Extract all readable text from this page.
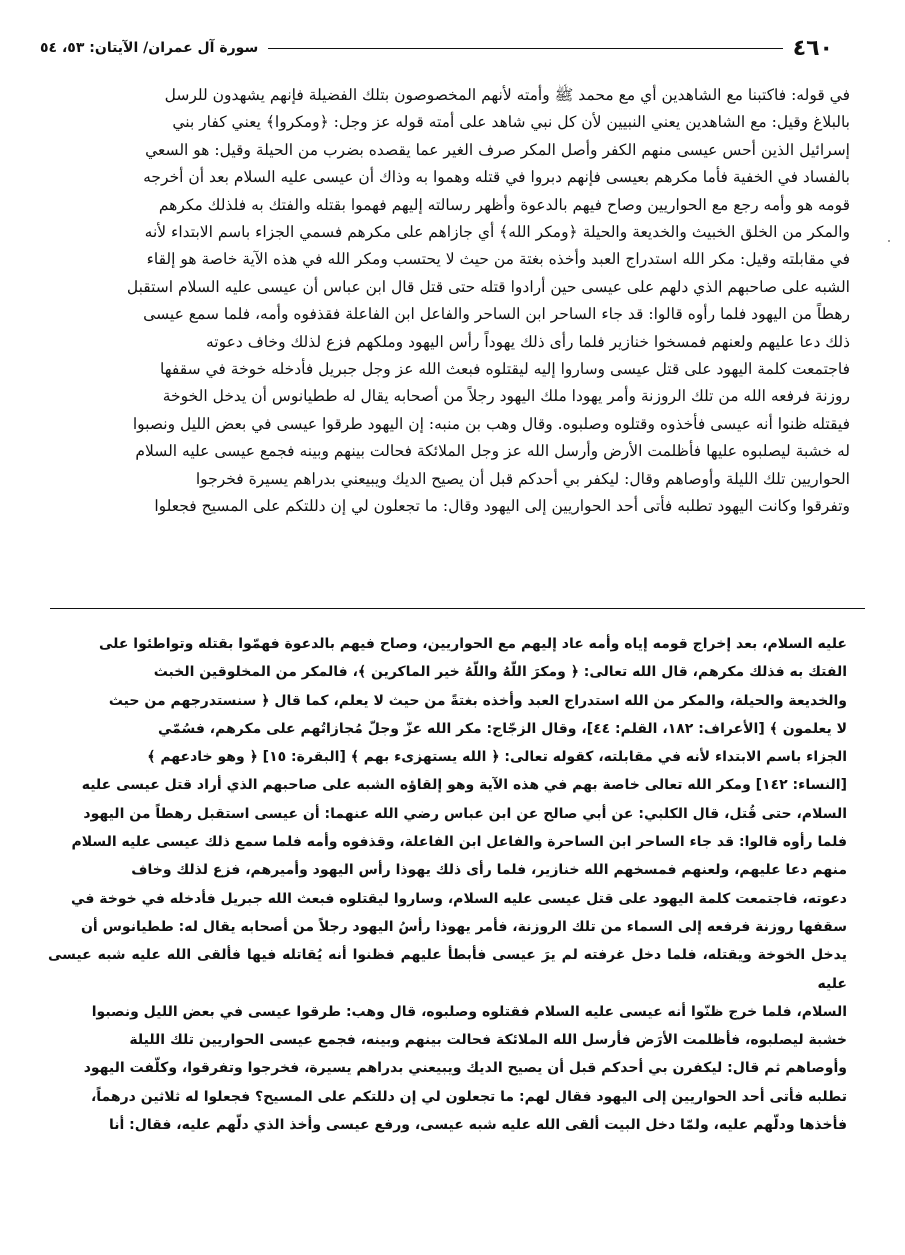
٤٦٠
سورة آل عمران/ الآيتان: ٥٣، ٥٤

في قوله: فاكتبنا مع الشاهدين أي مع محمد ﷺ وأمته لأنهم المخصوصون بتلك الفضيلة فإنهم يشهدون للرسل

بالبلاغ وقيل: مع الشاهدين يعني النبيين لأن كل نبي شاهد على أمته قوله عز وجل: ﴿ومكروا﴾ يعني كفار بني

إسرائيل الذين أحس عيسى منهم الكفر وأصل المكر صرف الغير عما يقصده بضرب من الحيلة وقيل: هو السعي

بالفساد في الخفية فأما مكرهم بعيسى فإنهم دبروا في قتله وهموا به وذاك أن عيسى عليه السلام بعد أن أخرجه

قومه هو وأمه رجع مع الحواريين وصاح فيهم بالدعوة وأظهر رسالته إليهم فهموا بقتله والفتك به فلذلك مكرهم

والمكر من الخلق الخبيث والخديعة والحيلة ﴿ومكر الله﴾ أي جازاهم على مكرهم فسمي الجزاء باسم الابتداء لأنه

في مقابلته وقيل: مكر الله استدراج العبد وأخذه بغتة من حيث لا يحتسب ومكر الله في هذه الآية خاصة هو إلقاء

الشبه على صاحبهم الذي دلهم على عيسى حين أرادوا قتله حتى قتل قال ابن عباس أن عيسى عليه السلام استقبل

رهطاً من اليهود فلما رأوه قالوا: قد جاء الساحر ابن الساحر والفاعل ابن الفاعلة فقذفوه وأمه، فلما سمع عيسى

ذلك دعا عليهم ولعنهم فمسخوا خنازير فلما رأى ذلك يهوداً رأس اليهود وملكهم فزع لذلك وخاف دعوته

فاجتمعت كلمة اليهود على قتل عيسى وساروا إليه ليقتلوه فبعث الله عز وجل جبريل فأدخله خوخة في سقفها

روزنة فرفعه الله من تلك الروزنة وأمر يهودا ملك اليهود رجلاً من أصحابه يقال له ططيانوس أن يدخل الخوخة

فيقتله ظنوا أنه عيسى فأخذوه وقتلوه وصلبوه. وقال وهب بن منبه: إن اليهود طرقوا عيسى في بعض الليل ونصبوا

له خشبة ليصلبوه عليها فأظلمت الأرض وأرسل الله عز وجل الملائكة فحالت بينهم وبينه فجمع عيسى عليه السلام

الحواريين تلك الليلة وأوصاهم وقال: ليكفر بي أحدكم قبل أن يصيح الديك ويبيعني بدراهم يسيرة فخرجوا

وتفرقوا وكانت اليهود تطلبه فأتى أحد الحواريين إلى اليهود وقال: ما تجعلون لي إن دللتكم على المسيح فجعلوا

عليه السلام، بعد إخراج قومه إياه وأمه عاد إليهم مع الحواريين، وصاح فيهم بالدعوة فهمّوا بقتله وتواطئوا على

الفتك به فذلك مكرهم، قال الله تعالى: ﴿ ومكرَ اللّهُ واللّهُ خير الماكرين ﴾، فالمكر من المخلوقين الخبث

والخديعة والحيلة، والمكر من الله استدراج العبد وأخذه بغتةً من حيث لا يعلم، كما قال ﴿ سنستدرجهم من حيث

لا يعلمون ﴾ [الأعراف: ١٨٢، القلم: ٤٤]، وقال الزجّاج: مكر الله عزّ وجلّ مُجازاتُهم على مكرهم، فسُمّي

الجزاء باسم الابتداء لأنه في مقابلته، كقوله تعالى: ﴿ الله يستهزىء بهم ﴾ [البقرة: ١٥] ﴿ وهو خادعهم ﴾

[النساء: ١٤٢] ومكر الله تعالى خاصة بهم في هذه الآية وهو إلقاؤه الشبه على صاحبهم الذي أراد قتل عيسى عليه

السلام، حتى قُتل، قال الكلبي: عن أبي صالح عن ابن عباس رضي الله عنهما: أن عيسى استقبل رهطاً من اليهود

فلما رأوه قالوا: قد جاء الساحر ابن الساحرة والفاعل ابن الفاعلة، وقذفوه وأمه فلما سمع ذلك عيسى عليه السلام

منهم دعا عليهم، ولعنهم فمسخهم الله خنازير، فلما رأى ذلك يهوذا رأس اليهود وأميرهم، فزع لذلك وخاف

دعوته، فاجتمعت كلمة اليهود على قتل عيسى عليه السلام، وساروا ليقتلوه فبعث الله جبريل فأدخله في خوخة في

سقفها روزنة فرفعه إلى السماء من تلك الروزنة، فأمر يهوذا رأسُ اليهود رجلاً من أصحابه يقال له: ططيانوس أن

يدخل الخوخة ويقتله، فلما دخل غرفته لم يرَ عيسى فأبطأ عليهم فظنوا أنه يُقاتله فيها فألقى الله عليه شبه عيسى عليه

السلام، فلما خرج ظنّوا أنه عيسى عليه السلام فقتلوه وصلبوه، قال وهب: طرقوا عيسى في بعض الليل ونصبوا

خشبة ليصلبوه، فأظلمت الأرَض فأرسل الله الملائكة فحالت بينهم وبينه، فجمع عيسى الحواريين تلك الليلة

وأوصاهم ثم قال: ليكفرن بي أحدكم قبل أن يصيح الديك ويبيعني بدراهم يسيرة، فخرجوا وتفرقوا، وكلّفت اليهود

تطلبه فأتى أحد الحواريين إلى اليهود فقال لهم: ما تجعلون لي إن دللتكم على المسيح؟ فجعلوا له ثلاثين درهماً،

فأخذها ودلّهم عليه، ولمّا دخل البيت ألقى الله عليه شبه عيسى، ورفع عيسى وأخذ الذي دلّهم عليه، فقال: أنا
